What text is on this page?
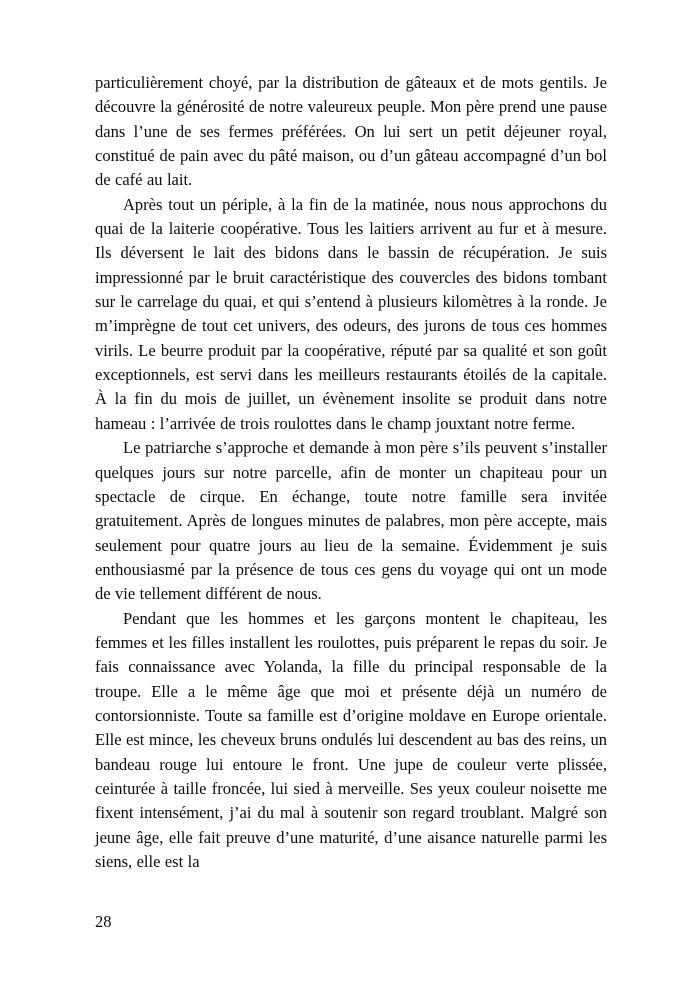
particulièrement choyé, par la distribution de gâteaux et de mots gentils. Je découvre la générosité de notre valeureux peuple. Mon père prend une pause dans l’une de ses fermes préférées. On lui sert un petit déjeuner royal, constitué de pain avec du pâté maison, ou d’un gâteau accompagné d’un bol de café au lait.

Après tout un périple, à la fin de la matinée, nous nous approchons du quai de la laiterie coopérative. Tous les laitiers arrivent au fur et à mesure. Ils déversent le lait des bidons dans le bassin de récupération. Je suis impressionné par le bruit caractéristique des couvercles des bidons tombant sur le carrelage du quai, et qui s’entend à plusieurs kilomètres à la ronde. Je m’imprègne de tout cet univers, des odeurs, des jurons de tous ces hommes virils. Le beurre produit par la coopérative, réputé par sa qualité et son goût exceptionnels, est servi dans les meilleurs restaurants étoilés de la capitale. À la fin du mois de juillet, un évènement insolite se produit dans notre hameau : l’arrivée de trois roulottes dans le champ jouxtant notre ferme.

Le patriarche s’approche et demande à mon père s’ils peuvent s’installer quelques jours sur notre parcelle, afin de monter un chapiteau pour un spectacle de cirque. En échange, toute notre famille sera invitée gratuitement. Après de longues minutes de palabres, mon père accepte, mais seulement pour quatre jours au lieu de la semaine. Évidemment je suis enthousiasmé par la présence de tous ces gens du voyage qui ont un mode de vie tellement différent de nous.

Pendant que les hommes et les garçons montent le chapiteau, les femmes et les filles installent les roulottes, puis préparent le repas du soir. Je fais connaissance avec Yolanda, la fille du principal responsable de la troupe. Elle a le même âge que moi et présente déjà un numéro de contorsionniste. Toute sa famille est d’origine moldave en Europe orientale. Elle est mince, les cheveux bruns ondulés lui descendent au bas des reins, un bandeau rouge lui entoure le front. Une jupe de couleur verte plissée, ceinturée à taille froncée, lui sied à merveille. Ses yeux couleur noisette me fixent intensément, j’ai du mal à soutenir son regard troublant. Malgré son jeune âge, elle fait preuve d’une maturité, d’une aisance naturelle parmi les siens, elle est la

28
